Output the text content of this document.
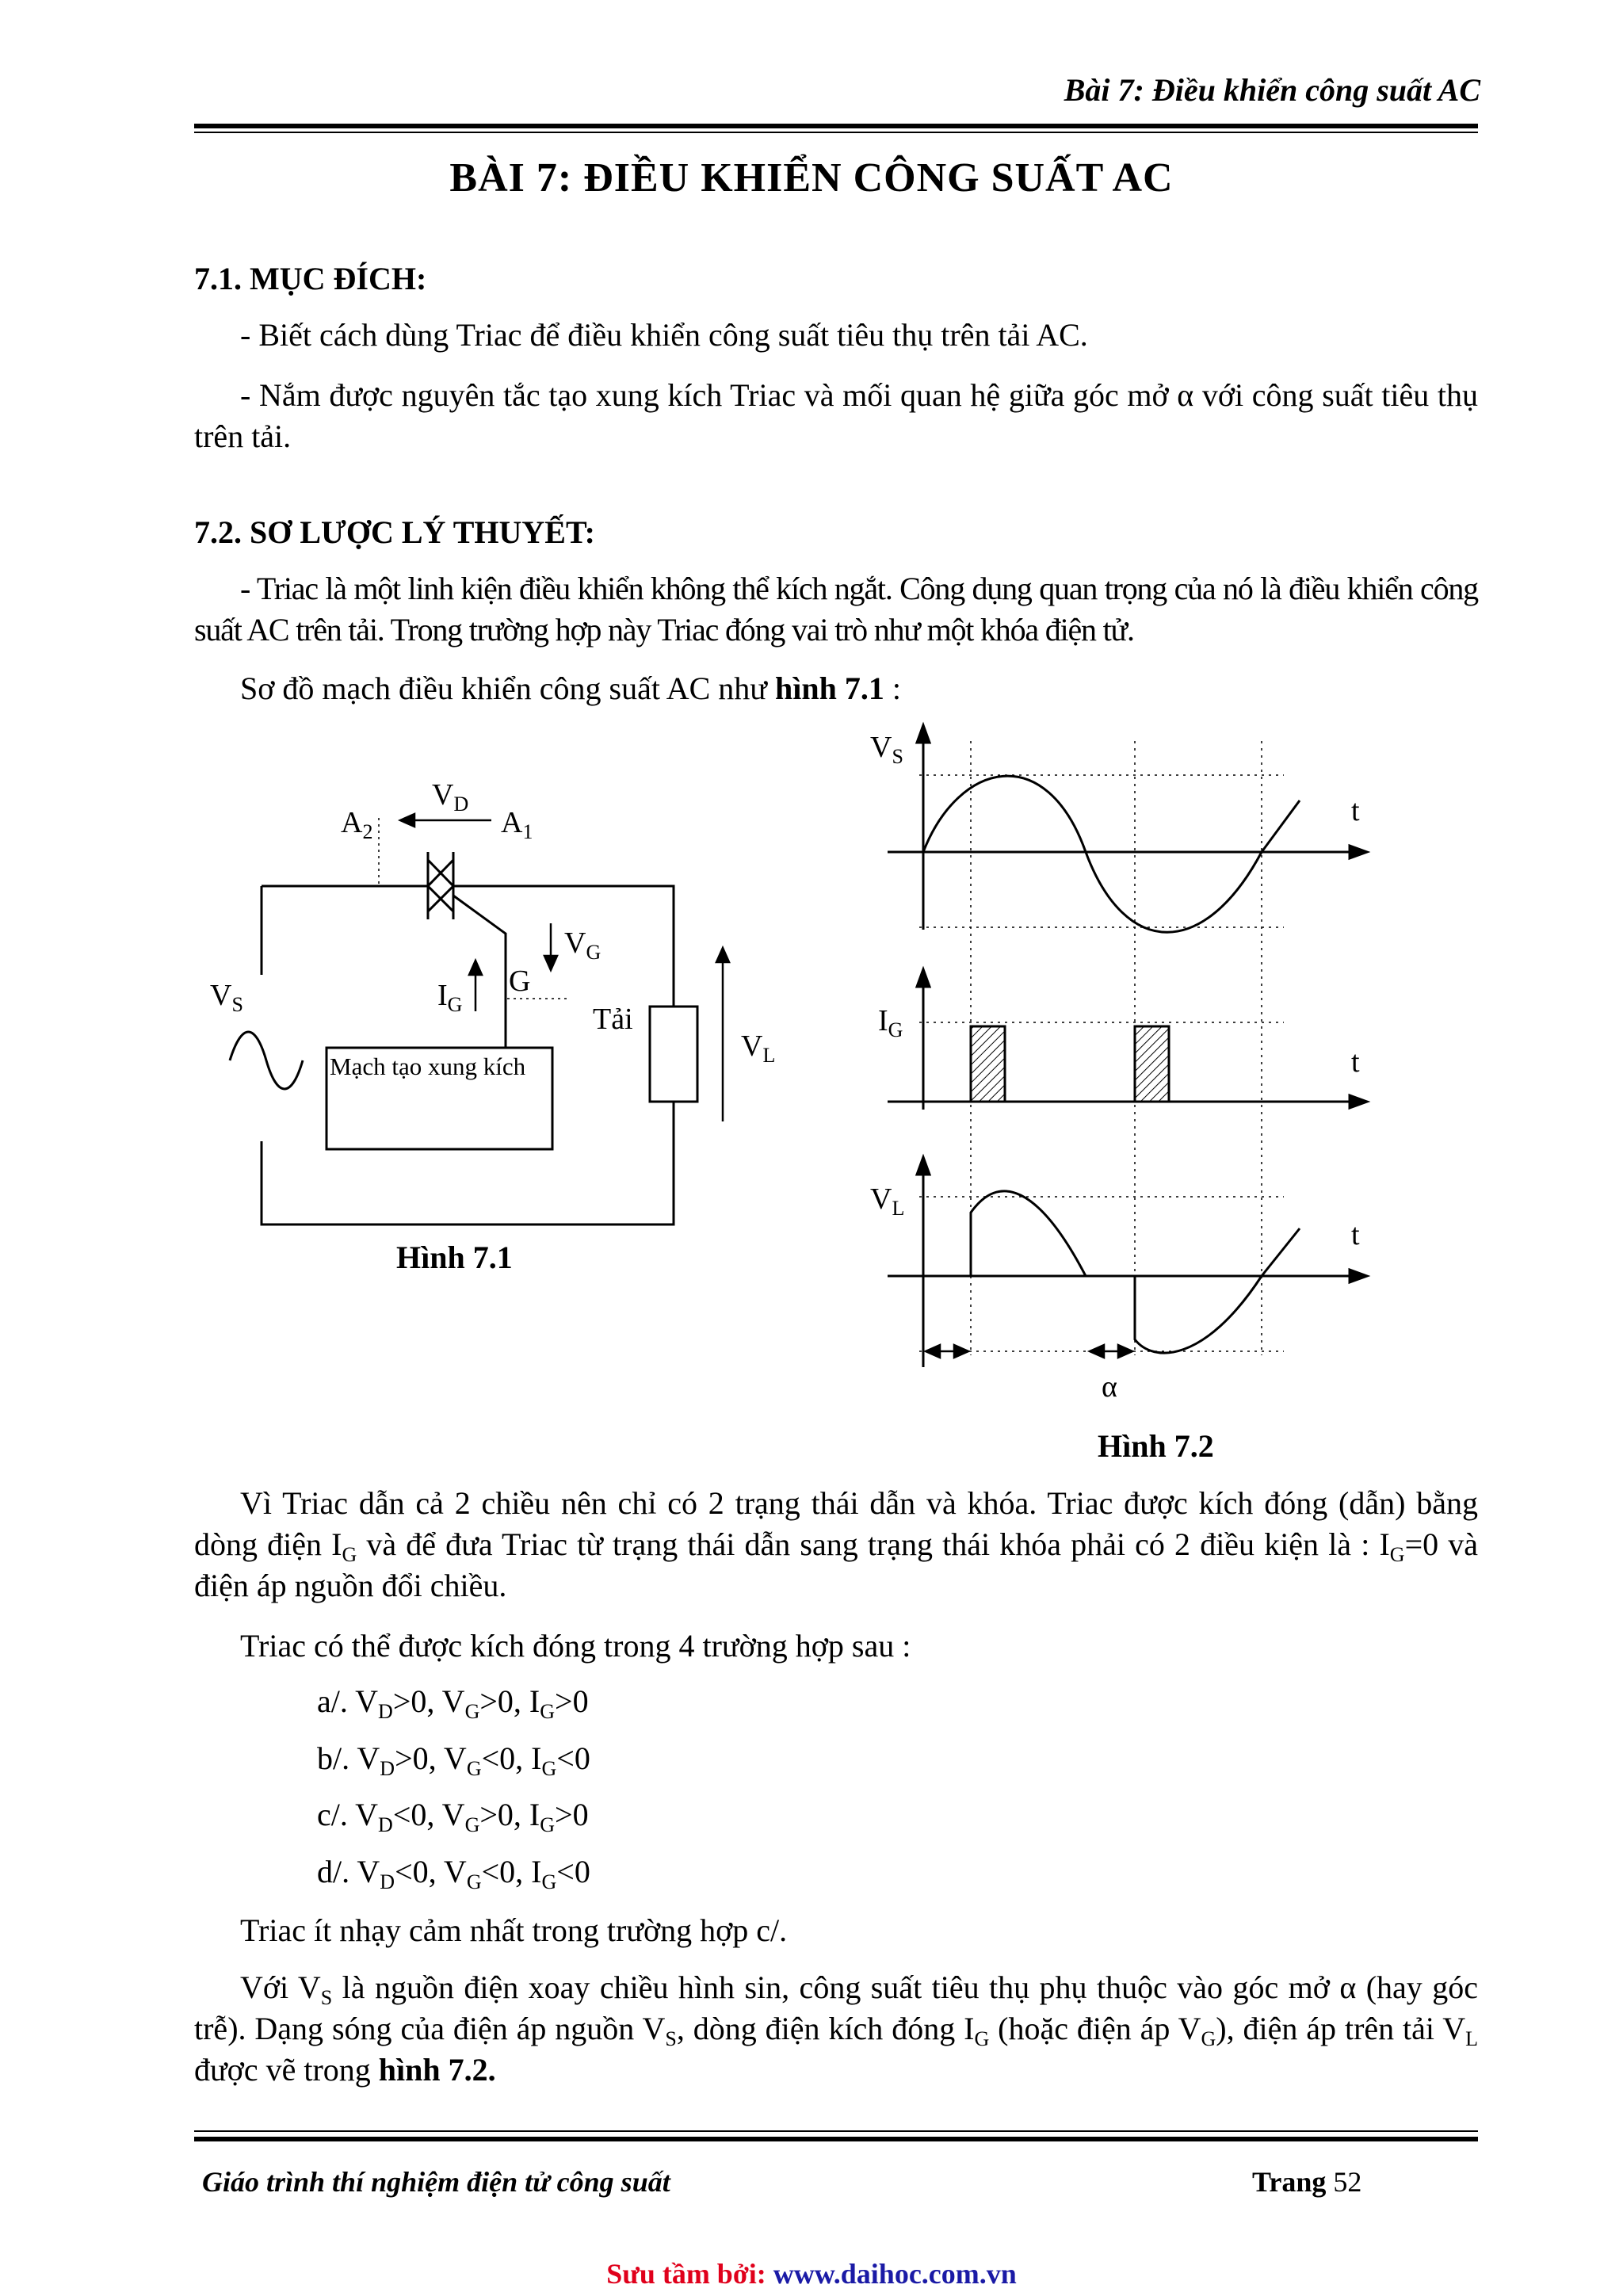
Bài 7: Điều khiển công suất AC
BÀI 7: ĐIỀU KHIỂN CÔNG SUẤT AC
7.1. MỤC ĐÍCH:
- Biết cách dùng Triac để điều khiển công suất tiêu thụ trên tải AC.
- Nắm được nguyên tắc tạo xung kích Triac và mối quan hệ giữa góc mở α với công suất tiêu thụ trên tải.
7.2. SƠ LƯỢC LÝ THUYẾT:
- Triac là một linh kiện điều khiển không thể kích ngắt. Công dụng quan trọng của nó là điều khiển công suất AC trên tải. Trong trường hợp này Triac đóng vai trò như một khóa điện tử.
Sơ đồ mạch điều khiển công suất AC như hình 7.1 :
$V_D$
$A_2$	$A_1$
$V_G$
G
$I_G$
$V_S$	Tải
$V_L$
Mạch tạo xung kích
Hình 7.1
$V_S$
t
$I_G$
t
$V_L$
t
α
Hình 7.2
Vì Triac dẫn cả 2 chiều nên chỉ có 2 trạng thái dẫn và khóa. Triac được kích đóng (dẫn) bằng dòng điện $I_G$ và để đưa Triac từ trạng thái dẫn sang trạng thái khóa phải có 2 điều kiện là : $I_G=0$ và điện áp nguồn đổi chiều.
Triac có thể được kích đóng trong 4 trường hợp sau :
a/. $V_D>0$, $V_G>0$, $I_G>0$
b/. $V_D>0$, $V_G<0$, $I_G<0$
c/. $V_D<0$, $V_G>0$, $I_G>0$
d/. $V_D<0$, $V_G<0$, $I_G<0$
Triac ít nhạy cảm nhất trong trường hợp c/.
Với $V_S$ là nguồn điện xoay chiều hình sin, công suất tiêu thụ phụ thuộc vào góc mở α (hay góc trễ). Dạng sóng của điện áp nguồn $V_S$, dòng điện kích đóng $I_G$ (hoặc điện áp $V_G$), điện áp trên tải $V_L$ được vẽ trong hình 7.2.
Giáo trình thí nghiệm điện tử công suất	Trang 52
Sưu tầm bởi: www.daihoc.com.vn
